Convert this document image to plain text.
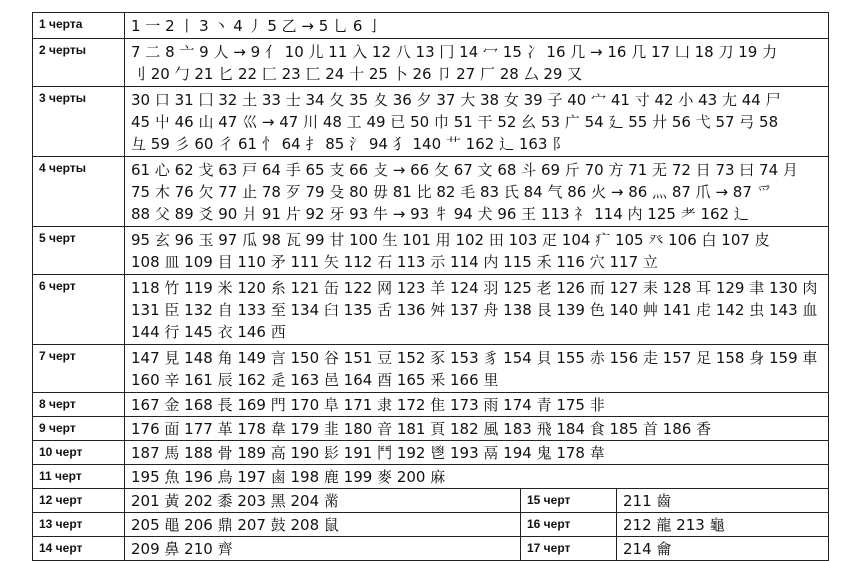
1 черта	1 一 2 丨 3 丶 4 丿 5 乙 → 5 乚 6 亅		

2 черты	7 二 8 亠 9 人 → 9 亻 10 儿 11 入 12 八 13 冂 14 冖 15 冫 16 几 → 16 几 17 凵 18 刀 19 力
刂 20 勹 21 匕 22 匚 23 匸 24 十 25 卜 26 卩 27 厂 28 厶 29 又		

3 черты	30 口 31 囗 32 土 33 士 34 夂 35 夊 36 夕 37 大 38 女 39 子 40 宀 41 寸 42 小 43 尢 44 尸
45 屮 46 山 47 巛 → 47 川 48 工 49 已 50 巾 51 干 52 幺 53 广 54 廴 55 廾 56 弋 57 弓 58
彑 59 彡 60 彳 61 忄 64 扌 85 氵 94 犭 140 艹 162 辶 163 阝		

4 черты	61 心 62 戈 63 戸 64 手 65 支 66 攴 → 66 攵 67 文 68 斗 69 斤 70 方 71 无 72 日 73 曰 74 月
75 木 76 欠 77 止 78 歹 79 殳 80 毋 81 比 82 毛 83 氏 84 气 86 火 → 86 灬 87 爪 → 87 爫
88 父 89 爻 90 爿 91 片 92 牙 93 牛 → 93 牜 94 犬 96 王 113 礻 114 内 125 耂 162 辶		

5 черт	95 玄 96 玉 97 瓜 98 瓦 99 甘 100 生 101 用 102 田 103 疋 104 疒 105 癶 106 白 107 皮
108 皿 109 目 110 矛 111 矢 112 石 113 示 114 内 115 禾 116 穴 117 立		

6 черт	118 竹 119 米 120 糸 121 缶 122 网 123 羊 124 羽 125 老 126 而 127 耒 128 耳 129 聿 130 肉
131 臣 132 自 133 至 134 臼 135 舌 136 舛 137 舟 138 艮 139 色 140 艸 141 虍 142 虫 143 血
144 行 145 衣 146 西		

7 черт	147 見 148 角 149 言 150 谷 151 豆 152 豕 153 豸 154 貝 155 赤 156 走 157 足 158 身 159 車
160 辛 161 辰 162 辵 163 邑 164 酉 165 釆 166 里		

8 черт	167 金 168 長 169 門 170 阜 171 隶 172 隹 173 雨 174 青 175 非		

9 черт	176 面 177 革 178 韋 179 韭 180 音 181 頁 182 風 183 飛 184 食 185 首 186 香		

10 черт	187 馬 188 骨 189 高 190 髟 191 鬥 192 鬯 193 鬲 194 鬼 178 韋		

11 черт	195 魚 196 鳥 197 鹵 198 鹿 199 麥 200 麻		

12 черт	201 黃 202 黍 203 黑 204 黹	15 черт	211 齒

13 черт	205 黽 206 鼎 207 鼓 208 鼠	16 черт	212 龍 213 龜

14 черт	209 鼻 210 齊	17 черт	214 龠
